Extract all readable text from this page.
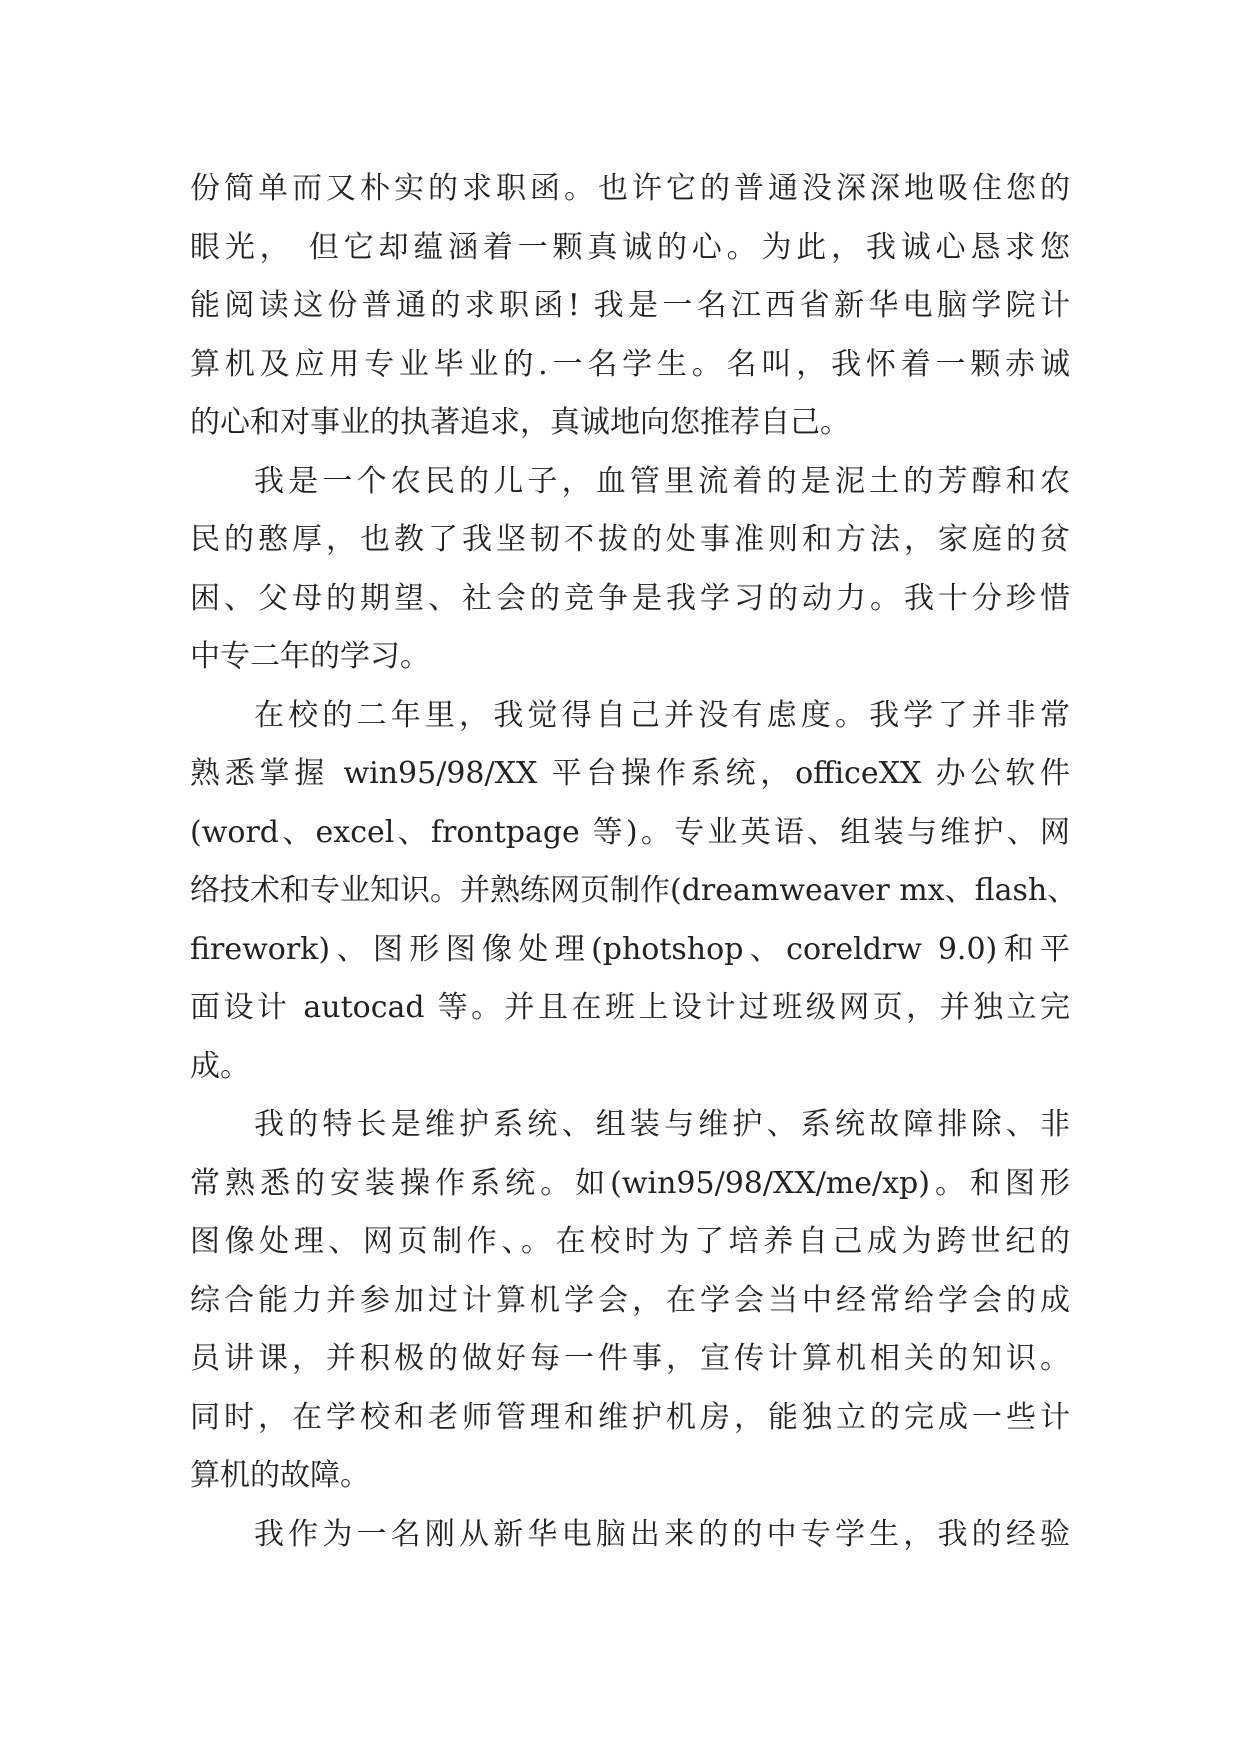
份简单而又朴实的求职函。也许它的普通没深深地吸住您的
眼光， 但它却蕴涵着一颗真诚的心。为此，我诚心恳求您
能阅读这份普通的求职函! 我是一名江西省新华电脑学院计
算机及应用专业毕业的.一名学生。名叫，我怀着一颗赤诚
的心和对事业的执著追求，真诚地向您推荐自己。
我是一个农民的儿子，血管里流着的是泥土的芳醇和农
民的憨厚，也教了我坚韧不拔的处事准则和方法，家庭的贫
困、父母的期望、社会的竞争是我学习的动力。我十分珍惜
中专二年的学习。
在校的二年里，我觉得自己并没有虑度。我学了并非常
熟悉掌握 win95/98/XX 平台操作系统，officeXX 办公软件
(word、excel、frontpage 等)。专业英语、组装与维护、网
络技术和专业知识。并熟练网页制作(dreamweaver mx、flash、
firework)、图形图像处理(photshop、coreldrw 9.0)和平
面设计 autocad 等。并且在班上设计过班级网页，并独立完
成。
我的特长是维护系统、组装与维护、系统故障排除、非
常熟悉的安装操作系统。如(win95/98/XX/me/xp)。和图形
图像处理、网页制作、。在校时为了培养自己成为跨世纪的
综合能力并参加过计算机学会，在学会当中经常给学会的成
员讲课，并积极的做好每一件事，宣传计算机相关的知识。
同时，在学校和老师管理和维护机房，能独立的完成一些计
算机的故障。
我作为一名刚从新华电脑出来的的中专学生，我的经验
